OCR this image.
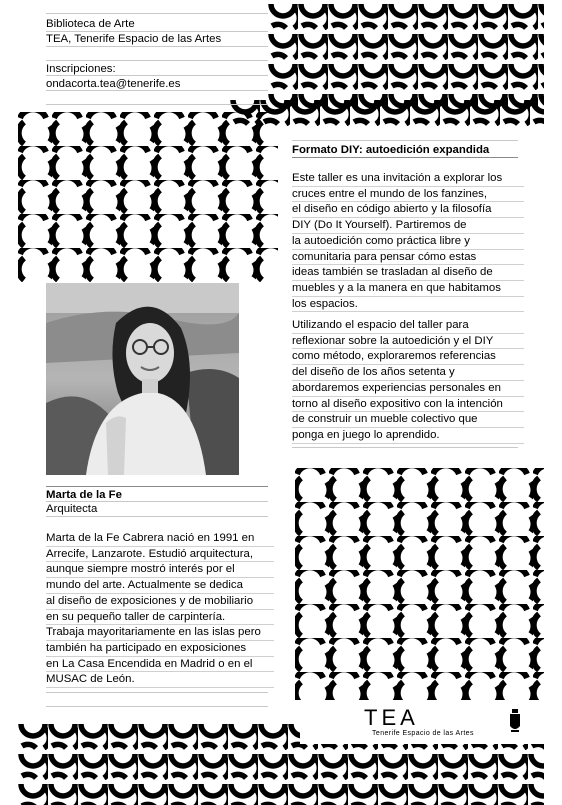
Biblioteca de Arte
TEA, Tenerife Espacio de las Artes
Inscripciones:
ondacorta.tea@tenerife.es
Formato DIY: autoedición expandida
Este taller es una invitación a explorar los
cruces entre el mundo de los fanzines,
el diseño en código abierto y la filosofía
DIY (Do It Yourself). Partiremos de
la autoedición como práctica libre y
comunitaria para pensar cómo estas
ideas también se trasladan al diseño de
muebles y a la manera en que habitamos
los espacios.
Utilizando el espacio del taller para
reflexionar sobre la autoedición y el DIY
como método, exploraremos referencias
del diseño de los años setenta y
abordaremos experiencias personales en
torno al diseño expositivo con la intención
de construir un mueble colectivo que
ponga en juego lo aprendido.
Marta de la Fe
Arquitecta
Marta de la Fe Cabrera nació en 1991 en
Arrecife, Lanzarote. Estudió arquitectura,
aunque siempre mostró interés por el
mundo del arte. Actualmente se dedica
al diseño de exposiciones y de mobiliario
en su pequeño taller de carpintería.
Trabaja mayoritariamente en las islas pero
también ha participado en exposiciones
en La Casa Encendida en Madrid o en el
MUSAC de León.
TEA
Tenerife Espacio de las Artes
